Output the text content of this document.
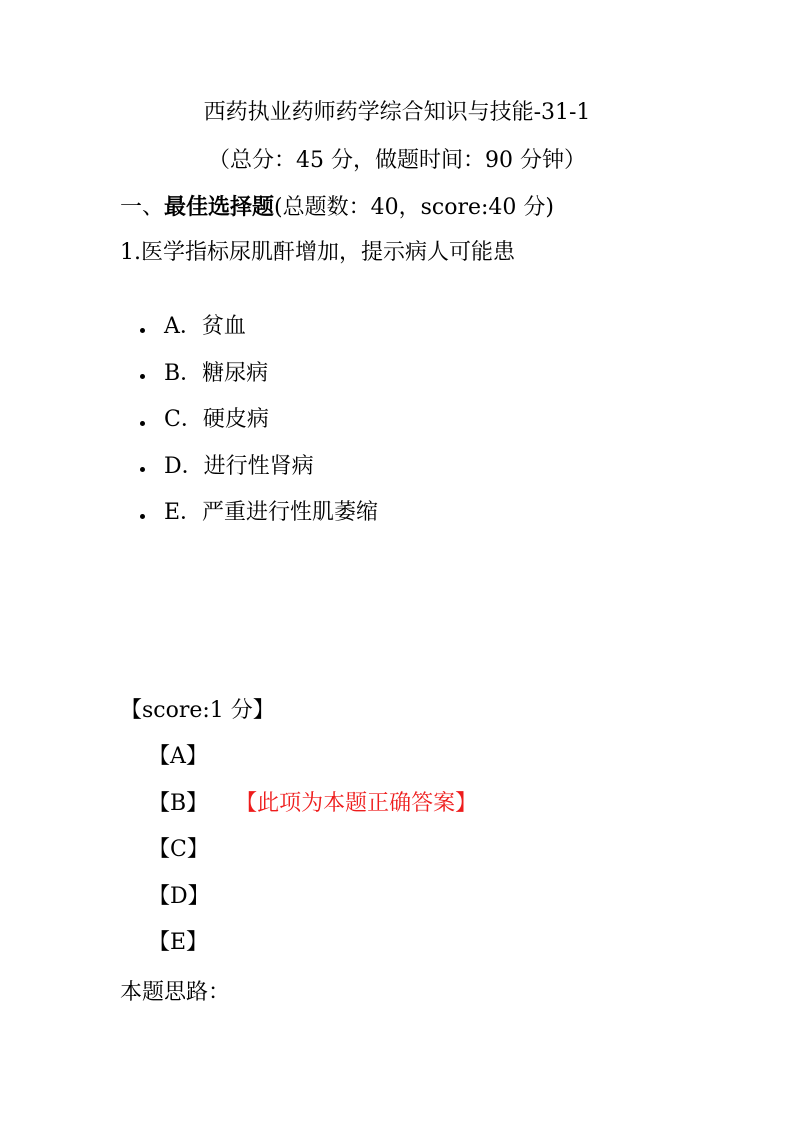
西药执业药师药学综合知识与技能-31-1
（总分：45 分，做题时间：90 分钟）
一、最佳选择题(总题数：40，score:40 分)
1.医学指标尿肌酐增加，提示病人可能患
A．贫血
B．糖尿病
C．硬皮病
D．进行性肾病
E．严重进行性肌萎缩
【score:1 分】
【A】
【B】 【此项为本题正确答案】
【C】
【D】
【E】
本题思路：
